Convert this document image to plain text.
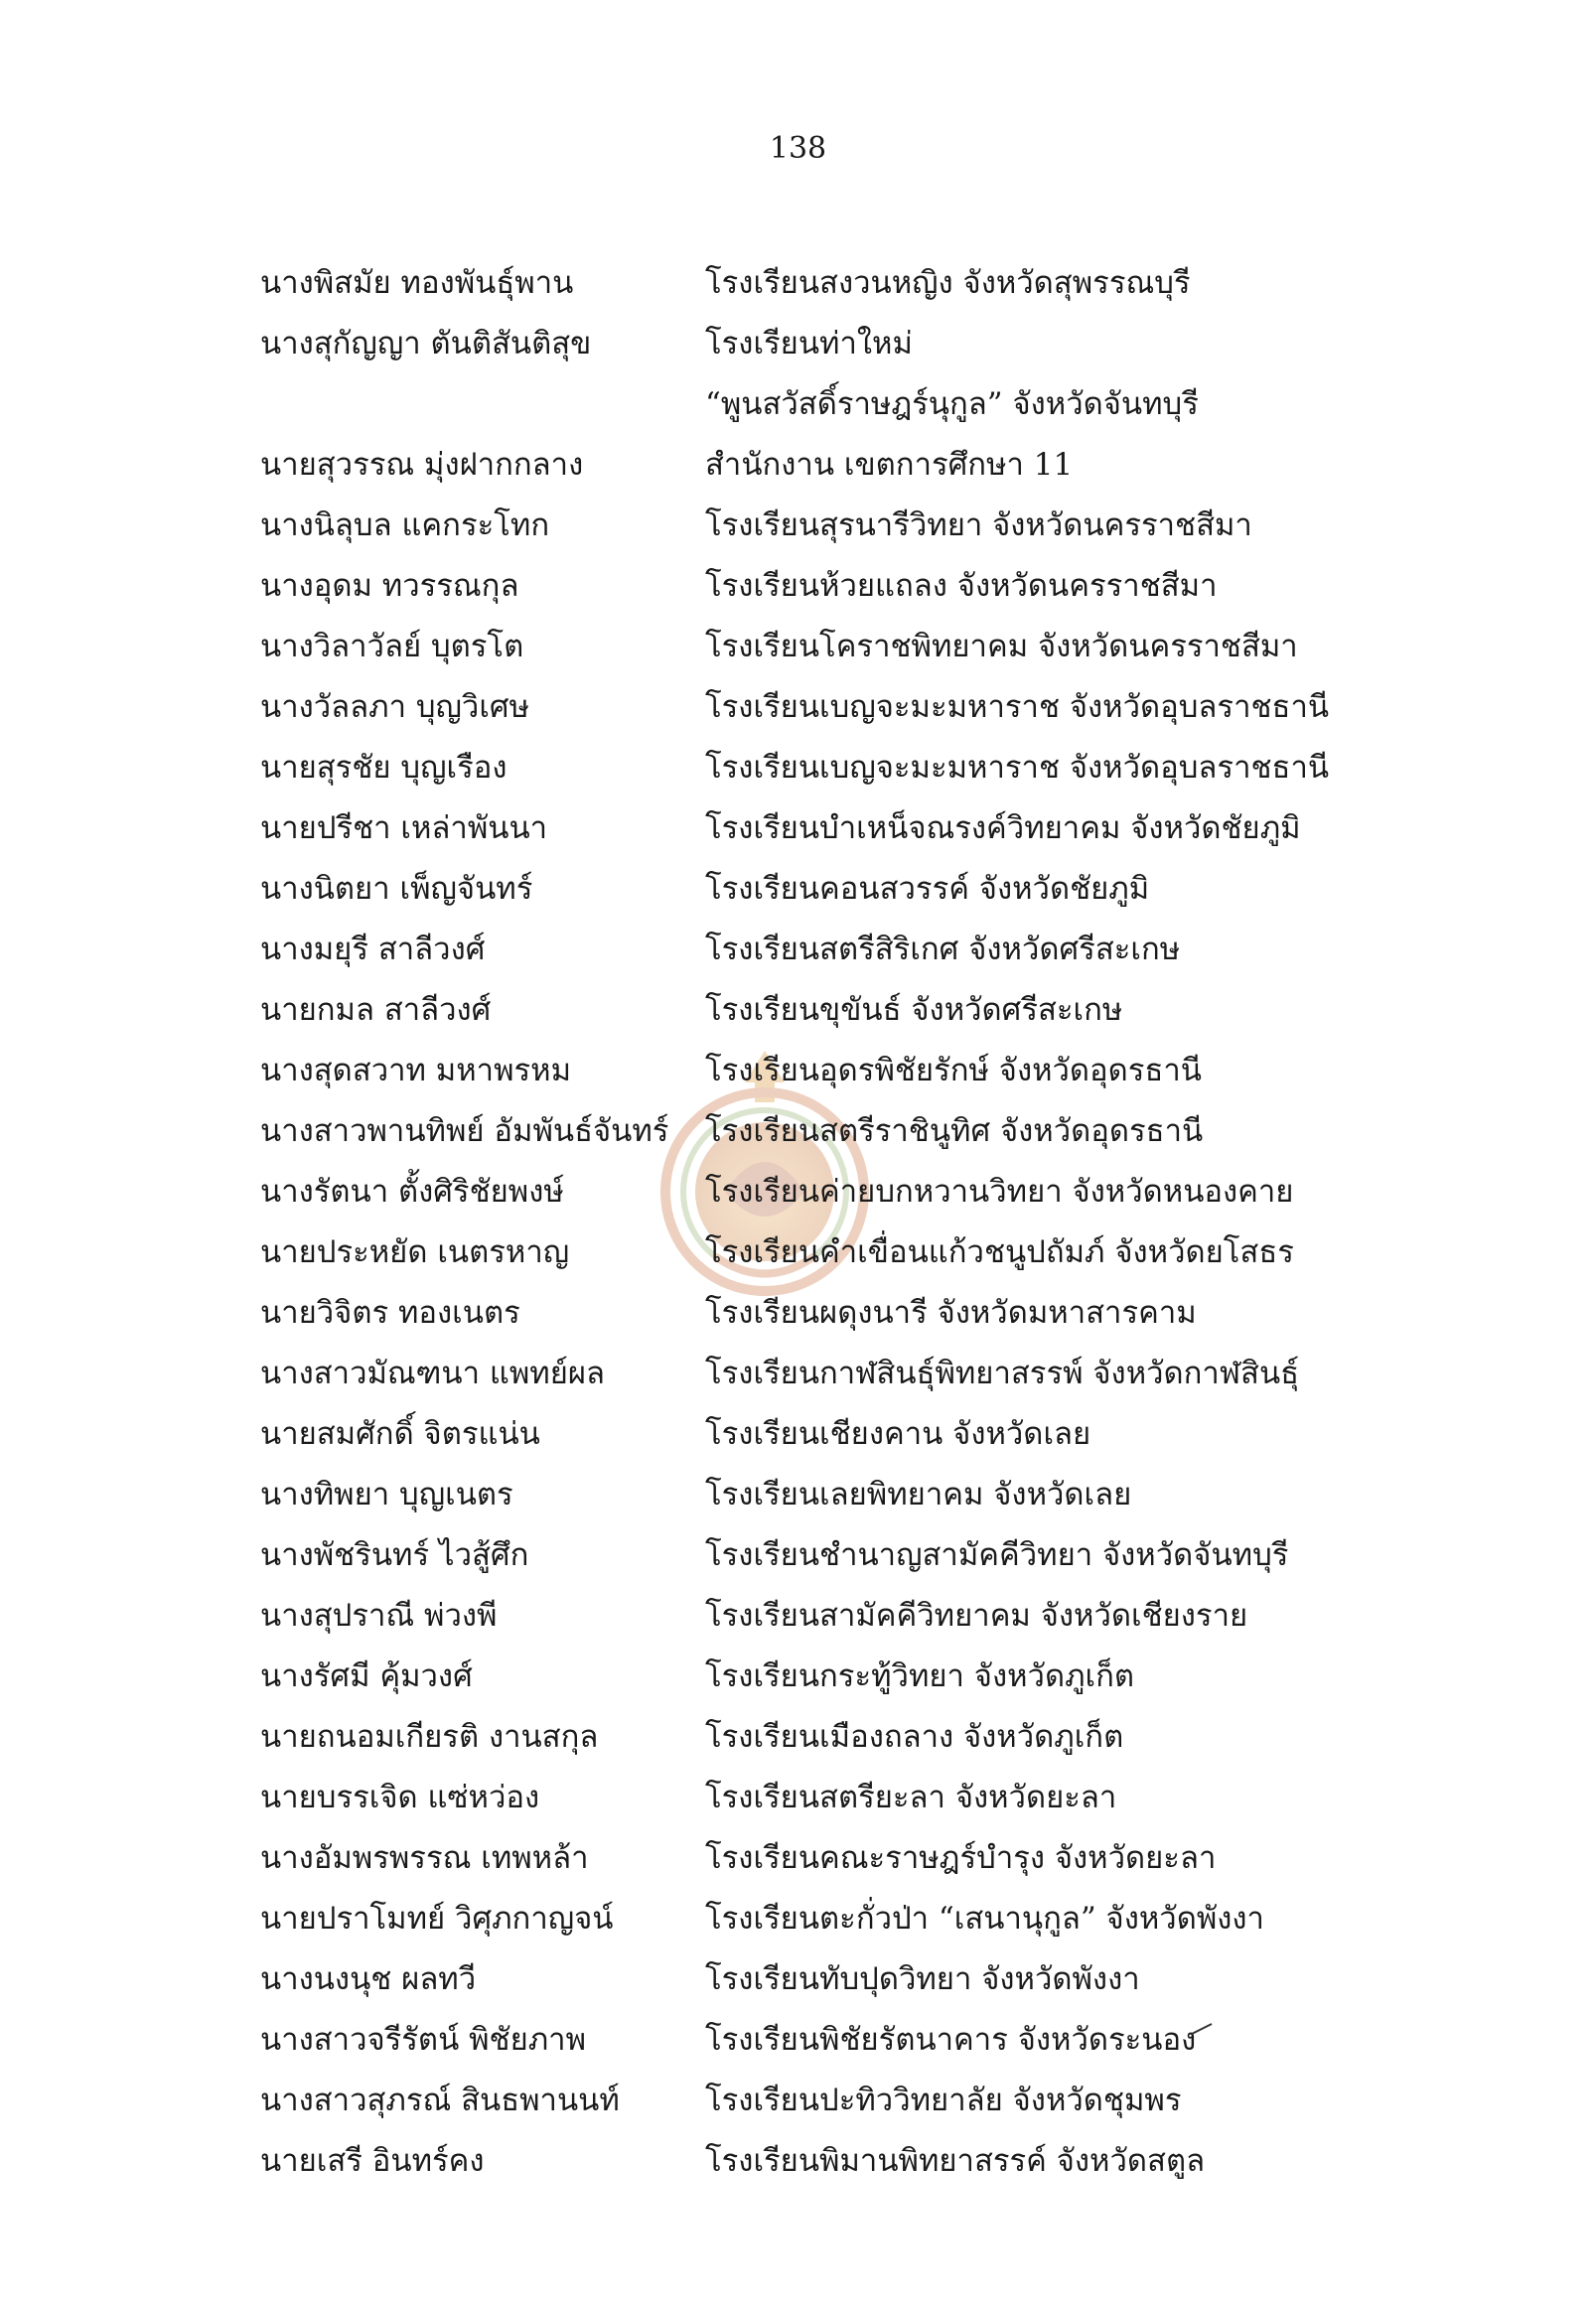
138
นางพิสมัย ทองพันธุ์พาน	โรงเรียนสงวนหญิง จังหวัดสุพรรณบุรี
นางสุกัญญา ตันติสันติสุข	โรงเรียนท่าใหม่
“พูนสวัสดิ์ราษฎร์นุกูล” จังหวัดจันทบุรี
นายสุวรรณ มุ่งฝากกลาง	สำนักงาน เขตการศึกษา 11
นางนิลุบล แคกระโทก	โรงเรียนสุรนารีวิทยา จังหวัดนครราชสีมา
นางอุดม ทวรรณกุล	โรงเรียนห้วยแถลง จังหวัดนครราชสีมา
นางวิลาวัลย์ บุตรโต	โรงเรียนโคราชพิทยาคม จังหวัดนครราชสีมา
นางวัลลภา บุญวิเศษ	โรงเรียนเบญจะมะมหาราช จังหวัดอุบลราชธานี
นายสุรชัย บุญเรือง	โรงเรียนเบญจะมะมหาราช จังหวัดอุบลราชธานี
นายปรีชา เหล่าพันนา	โรงเรียนบำเหน็จณรงค์วิทยาคม จังหวัดชัยภูมิ
นางนิตยา เพ็ญจันทร์	โรงเรียนคอนสวรรค์ จังหวัดชัยภูมิ
นางมยุรี สาลีวงศ์	โรงเรียนสตรีสิริเกศ จังหวัดศรีสะเกษ
นายกมล สาลีวงศ์	โรงเรียนขุขันธ์ จังหวัดศรีสะเกษ
นางสุดสวาท มหาพรหม	โรงเรียนอุดรพิชัยรักษ์ จังหวัดอุดรธานี
นางสาวพานทิพย์ อัมพันธ์จันทร์ โรงเรียนสตรีราชินูทิศ จังหวัดอุดรธานี
นางรัตนา ตั้งศิริชัยพงษ์	โรงเรียนค่ายบกหวานวิทยา จังหวัดหนองคาย
นายประหยัด เนตรหาญ	โรงเรียนคำเขื่อนแก้วชนูปถัมภ์ จังหวัดยโสธร
นายวิจิตร ทองเนตร	โรงเรียนผดุงนารี จังหวัดมหาสารคาม
นางสาวมัณฑนา แพทย์ผล	โรงเรียนกาฬสินธุ์พิทยาสรรพ์ จังหวัดกาฬสินธุ์
นายสมศักดิ์ จิตรแน่น	โรงเรียนเชียงคาน จังหวัดเลย
นางทิพยา บุญเนตร	โรงเรียนเลยพิทยาคม จังหวัดเลย
นางพัชรินทร์ ไวสู้ศึก	โรงเรียนชำนาญสามัคคีวิทยา จังหวัดจันทบุรี
นางสุปราณี พ่วงพี	โรงเรียนสามัคคีวิทยาคม จังหวัดเชียงราย
นางรัศมี คุ้มวงศ์	โรงเรียนกระทู้วิทยา จังหวัดภูเก็ต
นายถนอมเกียรติ งานสกุล	โรงเรียนเมืองถลาง จังหวัดภูเก็ต
นายบรรเจิด แซ่หว่อง	โรงเรียนสตรียะลา จังหวัดยะลา
นางอัมพรพรรณ เทพหล้า	โรงเรียนคณะราษฎร์บำรุง จังหวัดยะลา
นายปราโมทย์ วิศุภกาญจน์	โรงเรียนตะกั่วป่า “เสนานุกูล” จังหวัดพังงา
นางนงนุช ผลทวี	โรงเรียนทับปุดวิทยา จังหวัดพังงา
นางสาวจรีรัตน์ พิชัยภาพ	โรงเรียนพิชัยรัตนาคาร จังหวัดระนอง
นางสาวสุภรณ์ สินธพานนท์	โรงเรียนปะทิววิทยาลัย จังหวัดชุมพร
นายเสรี อินทร์คง	โรงเรียนพิมานพิทยาสรรค์ จังหวัดสตูล
